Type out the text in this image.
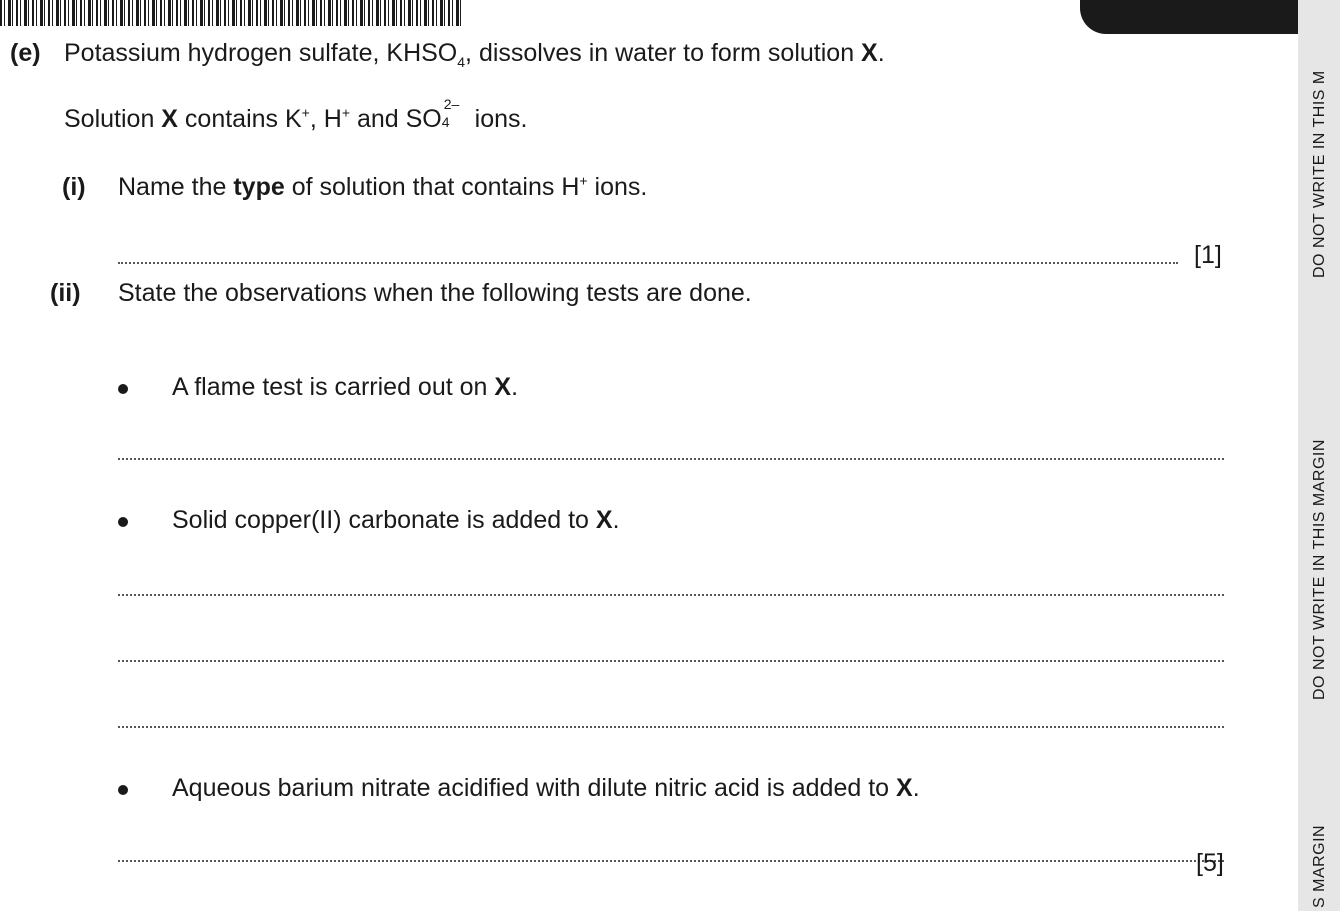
(e) Potassium hydrogen sulfate, $KHSO_4$, dissolves in water to form solution X.
Solution X contains K+, H+ and SO
2–
4 ions.
(i) Name the type of solution that contains H+ ions.
[1]
(ii) State the observations when the following tests are done.
A flame test is carried out on X.
Solid copper(II) carbonate is added to X.
Aqueous barium nitrate acidified with dilute nitric acid is added to X.
[5]	S MARGIN
DO NOT WRITE IN THIS MARGIN
DO NOT WRITE IN THIS M
